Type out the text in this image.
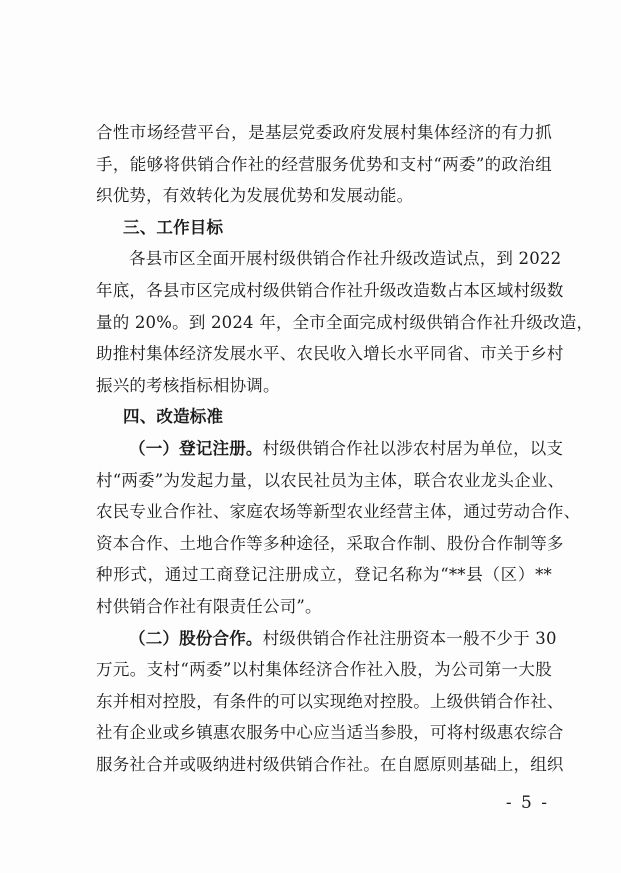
合性市场经营平台，是基层党委政府发展村集体经济的有力抓
手，能够将供销合作社的经营服务优势和支村“两委”的政治组
织优势，有效转化为发展优势和发展动能。
三、工作目标
各县市区全面开展村级供销合作社升级改造试点，到 2022
年底，各县市区完成村级供销合作社升级改造数占本区域村级数
量的 20%。到 2024 年，全市全面完成村级供销合作社升级改造，
助推村集体经济发展水平、农民收入增长水平同省、市关于乡村
振兴的考核指标相协调。
四、改造标准
（一）登记注册。村级供销合作社以涉农村居为单位，以支
村“两委”为发起力量，以农民社员为主体，联合农业龙头企业、
农民专业合作社、家庭农场等新型农业经营主体，通过劳动合作、
资本合作、土地合作等多种途径，采取合作制、股份合作制等多
种形式，通过工商登记注册成立，登记名称为“**县（区）**
村供销合作社有限责任公司”。
（二）股份合作。村级供销合作社注册资本一般不少于 30
万元。支村“两委”以村集体经济合作社入股，为公司第一大股
东并相对控股，有条件的可以实现绝对控股。上级供销合作社、
社有企业或乡镇惠农服务中心应当适当参股，可将村级惠农综合
服务社合并或吸纳进村级供销合作社。在自愿原则基础上，组织
- 5 -
